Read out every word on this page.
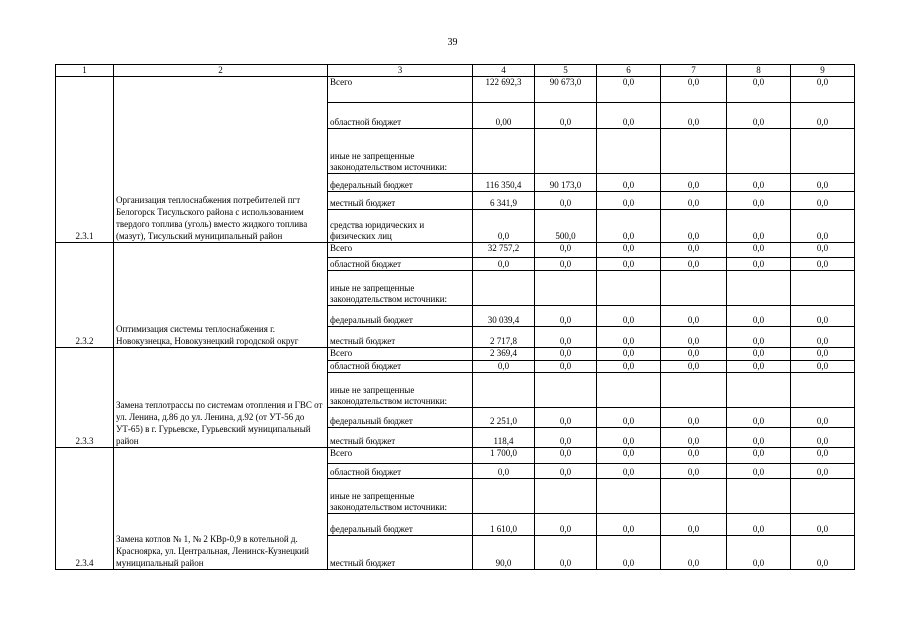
39
1	2	3	4	5	6	7	8	9
2.3.1	Организация теплоснабжения потребителей пгт Белогорск Тисульского района с использованием твердого топлива (уголь) вместо жидкого топлива (мазут), Тисульский муниципальный район	Всего	122 692,3	90 673,0	0,0	0,0	0,0	0,0
		областной бюджет	0,00	0,0	0,0	0,0	0,0	0,0
		иные не запрещенные законодательством источники:						
		федеральный бюджет	116 350,4	90 173,0	0,0	0,0	0,0	0,0
		местный бюджет	6 341,9	0,0	0,0	0,0	0,0	0,0
		средства юридических и физических лиц	0,0	500,0	0,0	0,0	0,0	0,0
2.3.2	Оптимизация системы теплоснабжения г. Новокузнецка, Новокузнецкий городской округ	Всего	32 757,2	0,0	0,0	0,0	0,0	0,0
		областной бюджет	0,0	0,0	0,0	0,0	0,0	0,0
		иные не запрещенные законодательством источники:						
		федеральный бюджет	30 039,4	0,0	0,0	0,0	0,0	0,0
		местный бюджет	2 717,8	0,0	0,0	0,0	0,0	0,0
2.3.3	Замена теплотрассы по системам отопления и ГВС от ул. Ленина, д.86 до ул. Ленина, д.92 (от УТ-56 до УТ-65) в г. Гурьевске, Гурьевский муниципальный район	Всего	2 369,4	0,0	0,0	0,0	0,0	0,0
		областной бюджет	0,0	0,0	0,0	0,0	0,0	0,0
		иные не запрещенные законодательством источники:						
		федеральный бюджет	2 251,0	0,0	0,0	0,0	0,0	0,0
		местный бюджет	118,4	0,0	0,0	0,0	0,0	0,0
2.3.4	Замена котлов № 1, № 2 КВр-0,9 в котельной д. Красноярка, ул. Центральная, Ленинск-Кузнецкий муниципальный район	Всего	1 700,0	0,0	0,0	0,0	0,0	0,0
		областной бюджет	0,0	0,0	0,0	0,0	0,0	0,0
		иные не запрещенные законодательством источники:						
		федеральный бюджет	1 610,0	0,0	0,0	0,0	0,0	0,0
		местный бюджет	90,0	0,0	0,0	0,0	0,0	0,0
